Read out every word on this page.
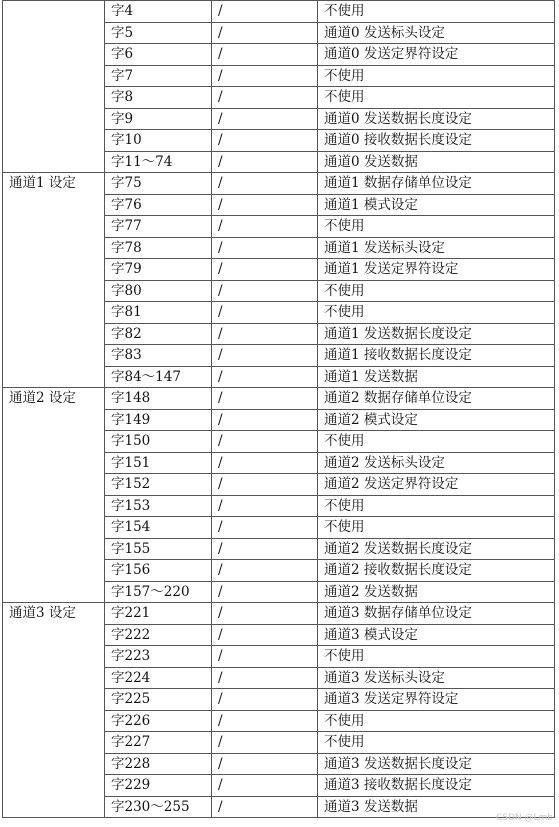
	字4	/	不使用
	字5	/	通道0 发送标头设定
	字6	/	通道0 发送定界符设定
	字7	/	不使用
	字8	/	不使用
	字9	/	通道0 发送数据长度设定
	字10	/	通道0 接收数据长度设定
	字11～74	/	通道0 发送数据
通道1 设定	字75	/	通道1 数据存储单位设定
	字76	/	通道1 模式设定
	字77	/	不使用
	字78	/	通道1 发送标头设定
	字79	/	通道1 发送定界符设定
	字80	/	不使用
	字81	/	不使用
	字82	/	通道1 发送数据长度设定
	字83	/	通道1 接收数据长度设定
	字84～147	/	通道1 发送数据
通道2 设定	字148	/	通道2 数据存储单位设定
	字149	/	通道2 模式设定
	字150	/	不使用
	字151	/	通道2 发送标头设定
	字152	/	通道2 发送定界符设定
	字153	/	不使用
	字154	/	不使用
	字155	/	通道2 发送数据长度设定
	字156	/	通道2 接收数据长度设定
	字157～220	/	通道2 发送数据
通道3 设定	字221	/	通道3 数据存储单位设定
	字222	/	通道3 模式设定
	字223	/	不使用
	字224	/	通道3 发送标头设定
	字225	/	通道3 发送定界符设定
	字226	/	不使用
	字227	/	不使用
	字228	/	通道3 发送数据长度设定
	字229	/	通道3 接收数据长度设定
	字230～255	/	通道3 发送数据
CSDN @Lmb
